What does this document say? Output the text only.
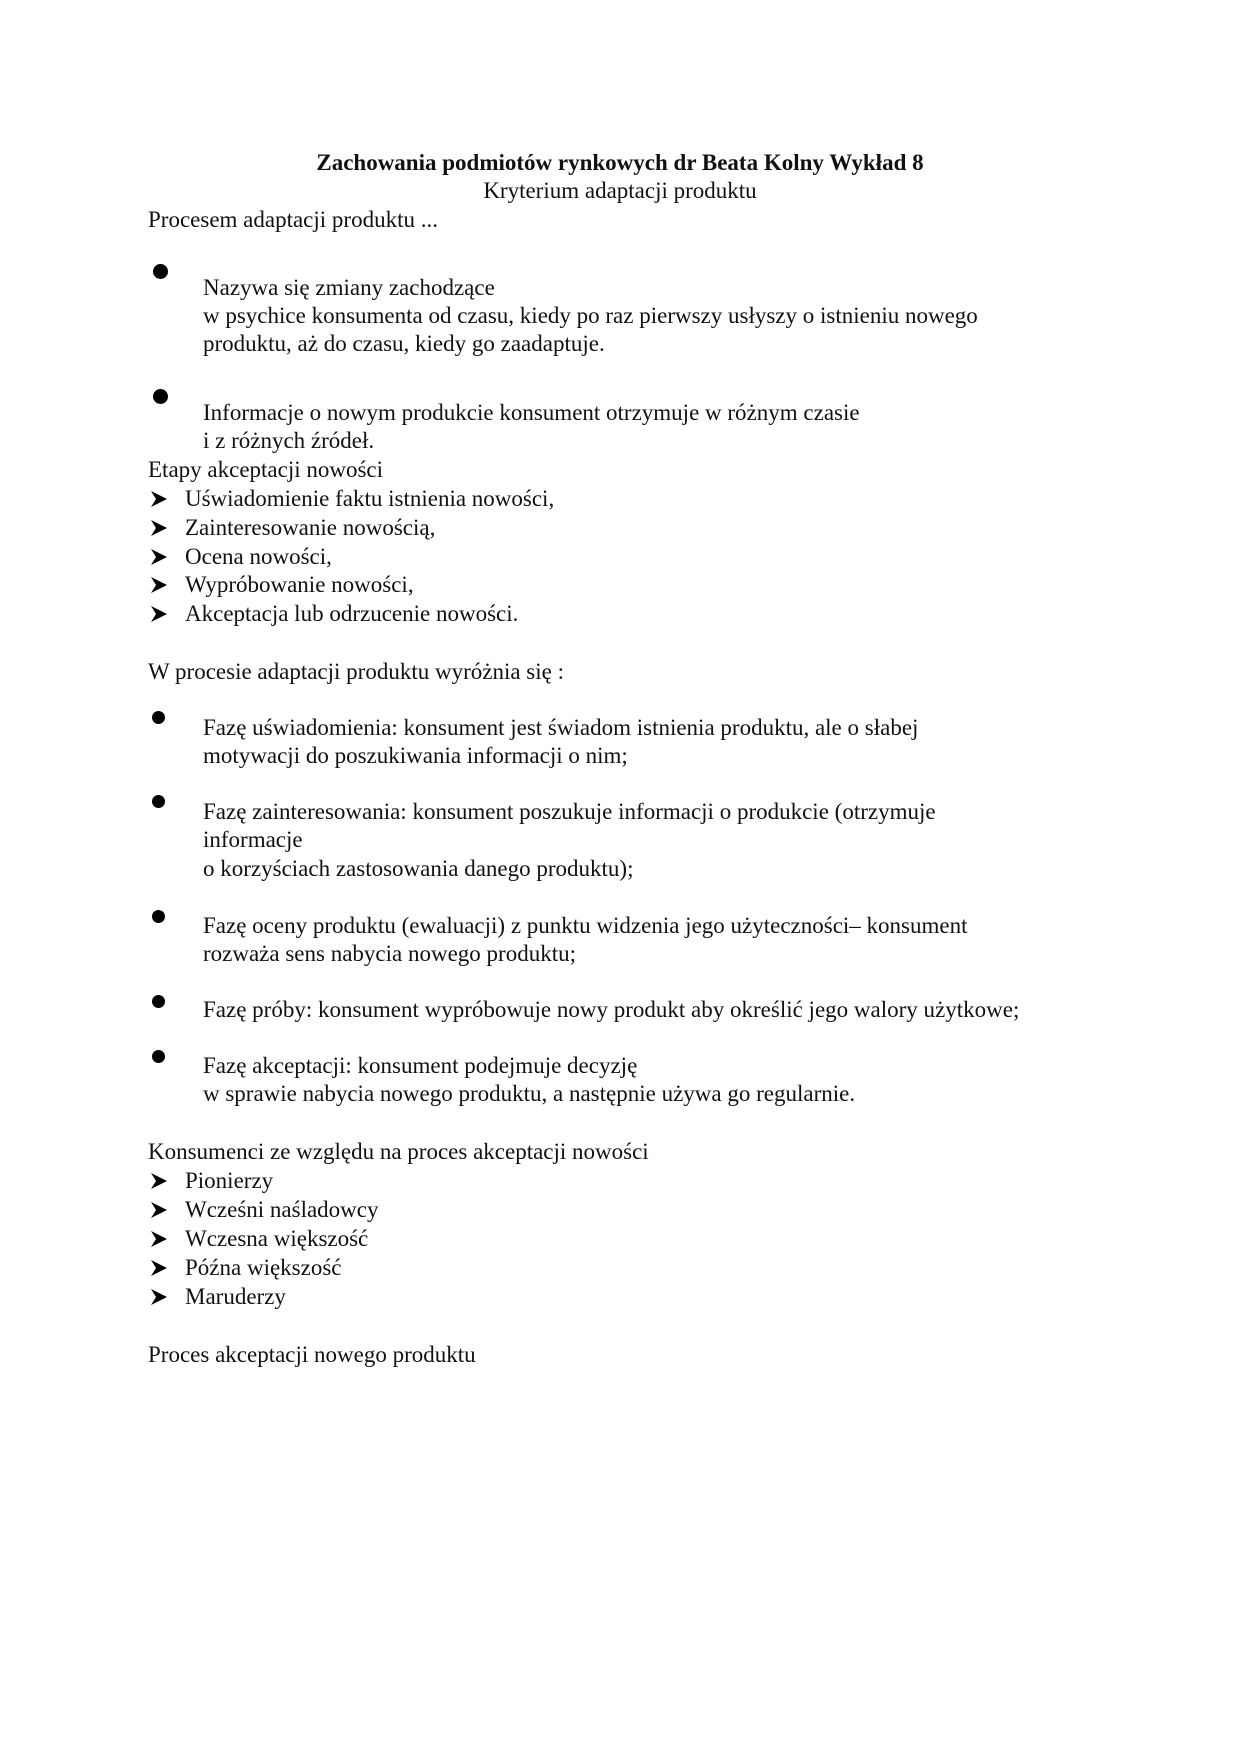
Zachowania podmiotów rynkowych dr Beata Kolny Wykład 8
Kryterium adaptacji produktu
Procesem adaptacji produktu ...
Nazywa się zmiany zachodzące
w psychice konsumenta od czasu, kiedy po raz pierwszy usłyszy o istnieniu nowego
produktu, aż do czasu, kiedy go zaadaptuje.
Informacje o nowym produkcie konsument otrzymuje w różnym czasie
i z różnych źródeł.
Etapy akceptacji nowości
Uświadomienie faktu istnienia nowości,
Zainteresowanie nowością,
Ocena nowości,
Wypróbowanie nowości,
Akceptacja lub odrzucenie nowości.
W procesie adaptacji produktu wyróżnia się :
Fazę uświadomienia: konsument jest świadom istnienia produktu, ale o słabej
motywacji do poszukiwania informacji o nim;
Fazę zainteresowania: konsument poszukuje informacji o produkcie (otrzymuje
informacje
o korzyściach zastosowania danego produktu);
Fazę oceny produktu (ewaluacji) z punktu widzenia jego użyteczności– konsument
rozważa sens nabycia nowego produktu;
Fazę próby: konsument wypróbowuje nowy produkt aby określić jego walory użytkowe;
Fazę akceptacji: konsument podejmuje decyzję
w sprawie nabycia nowego produktu, a następnie używa go regularnie.
Konsumenci ze względu na proces akceptacji nowości
Pionierzy
Wcześni naśladowcy
Wczesna większość
Późna większość
Maruderzy
Proces akceptacji nowego produktu
